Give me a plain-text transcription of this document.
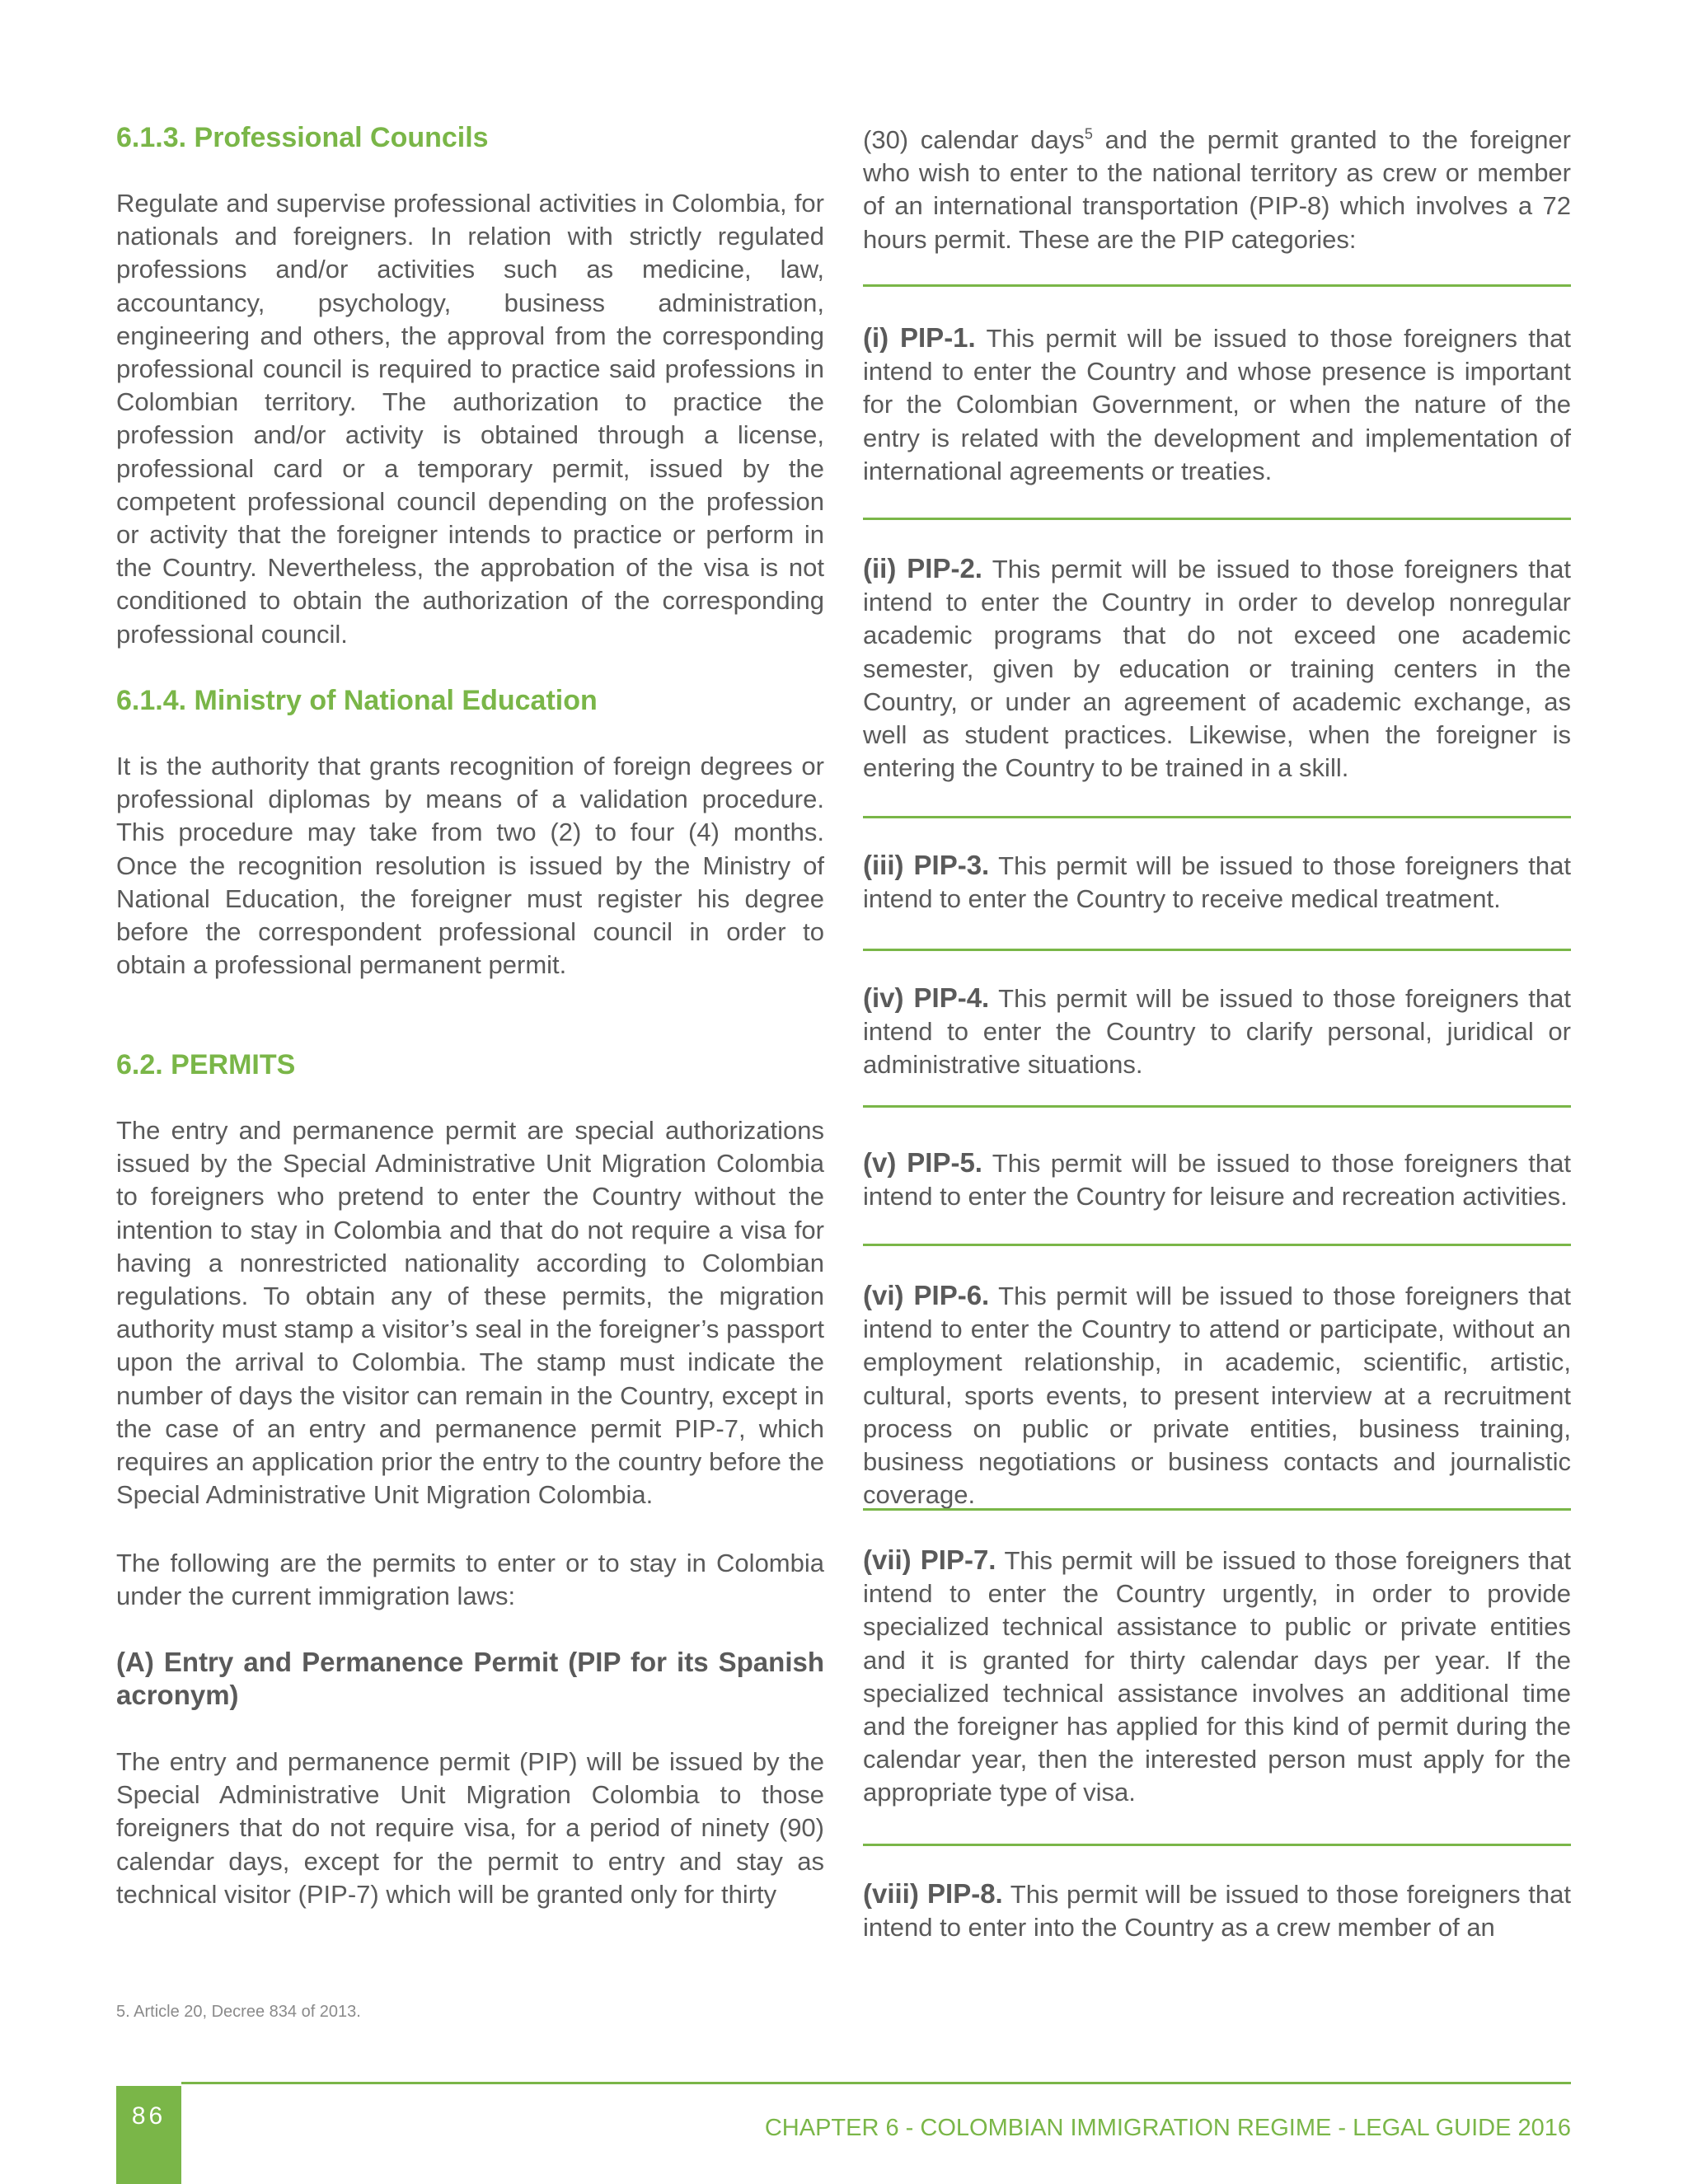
6.1.3. Professional Councils

Regulate and supervise professional activities in Colombia, for nationals and foreigners. In relation with strictly regulated professions and/or activities such as medicine, law, accountancy, psychology, business administration, engineering and others, the approval from the corresponding professional council is required to practice said professions in Colombian territory. The authorization to practice the profession and/or activity is obtained through a license, professional card or a temporary permit, issued by the competent professional council depending on the profession or activity that the foreigner intends to practice or perform in the Country. Nevertheless, the approbation of the visa is not conditioned to obtain the authorization of the corresponding professional council.

6.1.4. Ministry of National Education

It is the authority that grants recognition of foreign degrees or professional diplomas by means of a validation procedure. This procedure may take from two (2) to four (4) months. Once the recognition resolution is issued by the Ministry of National Education, the foreigner must register his degree before the correspondent professional council in order to obtain a professional permanent permit.

6.2. PERMITS

The entry and permanence permit are special authorizations issued by the Special Administrative Unit Migration Colombia to foreigners who pretend to enter the Country without the intention to stay in Colombia and that do not require a visa for having a nonrestricted nationality according to Colombian regulations. To obtain any of these permits, the migration authority must stamp a visitor’s seal in the foreigner’s passport upon the arrival to Colombia. The stamp must indicate the number of days the visitor can remain in the Country, except in the case of an entry and permanence permit PIP-7, which requires an application prior the entry to the country before the Special Administrative Unit Migration Colombia.

The following are the permits to enter or to stay in Colombia under the current immigration laws:

(A) Entry and Permanence Permit (PIP for its Spanish acronym)

The entry and permanence permit (PIP) will be issued by the Special Administrative Unit Migration Colombia to those foreigners that do not require visa, for a period of ninety (90) calendar days, except for the permit to entry and stay as technical visitor (PIP-7) which will be granted only for thirty

(30) calendar days$^5$ and the permit granted to the foreigner who wish to enter to the national territory as crew or member of an international transportation (PIP-8) which involves a 72 hours permit. These are the PIP categories:

(i) PIP-1. This permit will be issued to those foreigners that intend to enter the Country and whose presence is important for the Colombian Government, or when the nature of the entry is related with the development and implementation of international agreements or treaties.

(ii) PIP-2. This permit will be issued to those foreigners that intend to enter the Country in order to develop nonregular academic programs that do not exceed one academic semester, given by education or training centers in the Country, or under an agreement of academic exchange, as well as student practices. Likewise, when the foreigner is entering the Country to be trained in a skill.

(iii) PIP-3. This permit will be issued to those foreigners that intend to enter the Country to receive medical treatment.

(iv) PIP-4. This permit will be issued to those foreigners that intend to enter the Country to clarify personal, juridical or administrative situations.

(v) PIP-5. This permit will be issued to those foreigners that intend to enter the Country for leisure and recreation activities.

(vi) PIP-6. This permit will be issued to those foreigners that intend to enter the Country to attend or participate, without an employment relationship, in academic, scientific, artistic, cultural, sports events, to present interview at a recruitment process on public or private entities, business training, business negotiations or business contacts and journalistic coverage.

(vii) PIP-7. This permit will be issued to those foreigners that intend to enter the Country urgently, in order to provide specialized technical assistance to public or private entities and it is granted for thirty calendar days per year. If the specialized technical assistance involves an additional time and the foreigner has applied for this kind of permit during the calendar year, then the interested person must apply for the appropriate type of visa.

(viii) PIP-8. This permit will be issued to those foreigners that intend to enter into the Country as a crew member of an

5. Article 20, Decree 834 of 2013.

86	CHAPTER 6 - COLOMBIAN IMMIGRATION REGIME - LEGAL GUIDE 2016
